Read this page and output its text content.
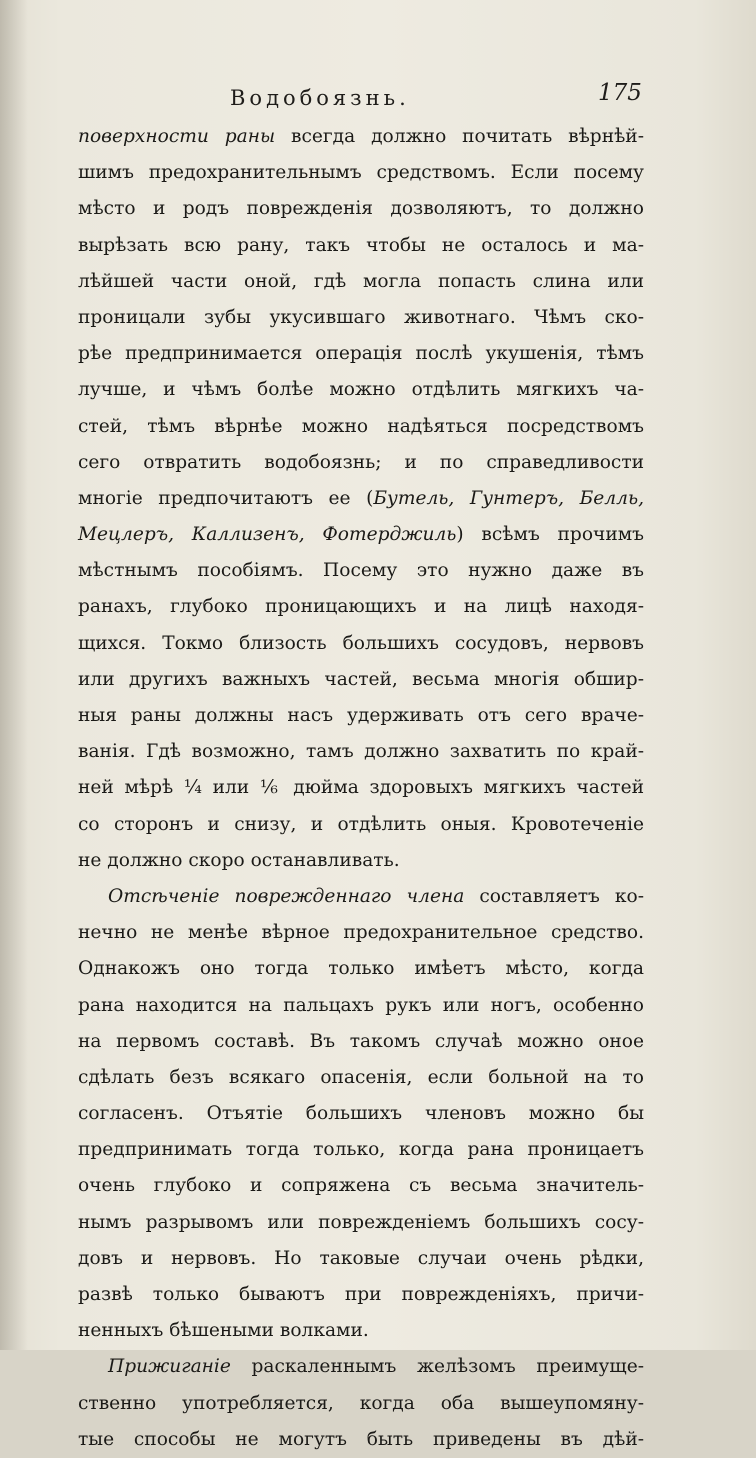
Водобоязнь.	175
поверхности раны всегда должно почитать вѣрнѣй-
шимъ предохранительнымъ средствомъ. Если посему
мѣсто и родъ поврежденія дозволяютъ, то должно
вырѣзать всю рану, такъ чтобы не осталось и ма-
лѣйшей части оной, гдѣ могла попасть слина или
проницали зубы укусившаго животнаго. Чѣмъ ско-
рѣе предпринимается операція послѣ укушенія, тѣмъ
лучше, и чѣмъ болѣе можно отдѣлить мягкихъ ча-
стей, тѣмъ вѣрнѣе можно надѣяться посредствомъ
сего отвратить водобоязнь; и по справедливости
многіе предпочитаютъ ее (Бутель, Гунтеръ, Белль,
Мецлеръ, Каллизенъ, Фотерджиль) всѣмъ прочимъ
мѣстнымъ пособіямъ. Посему это нужно даже въ
ранахъ, глубоко проницающихъ и на лицѣ находя-
щихся. Токмо близость большихъ сосудовъ, нервовъ
или другихъ важныхъ частей, весьма многія обшир-
ныя раны должны насъ удерживать отъ сего враче-
ванія. Гдѣ возможно, тамъ должно захватить по край-
ней мѣрѣ ¼ или ⅙ дюйма здоровыхъ мягкихъ частей
со сторонъ и снизу, и отдѣлить оныя. Кровотеченіе
не должно скоро останавливать.
Отсѣченіе поврежденнаго члена составляетъ ко-
нечно не менѣе вѣрное предохранительное средство.
Однакожъ оно тогда только имѣетъ мѣсто, когда
рана находится на пальцахъ рукъ или ногъ, особенно
на первомъ составѣ. Въ такомъ случаѣ можно оное
сдѣлать безъ всякаго опасенія, если больной на то
согласенъ. Отъятіе большихъ членовъ можно бы
предпринимать тогда только, когда рана проницаетъ
очень глубоко и сопряжена съ весьма значитель-
нымъ разрывомъ или поврежденіемъ большихъ сосу-
довъ и нервовъ. Но таковые случаи очень рѣдки,
развѣ только бываютъ при поврежденіяхъ, причи-
ненныхъ бѣшеными волками.
Прижиганіе раскаленнымъ желѣзомъ преимуще-
ственно употребляется, когда оба вышеупомяну-
тые способы не могутъ быть приведены въ дѣй-
